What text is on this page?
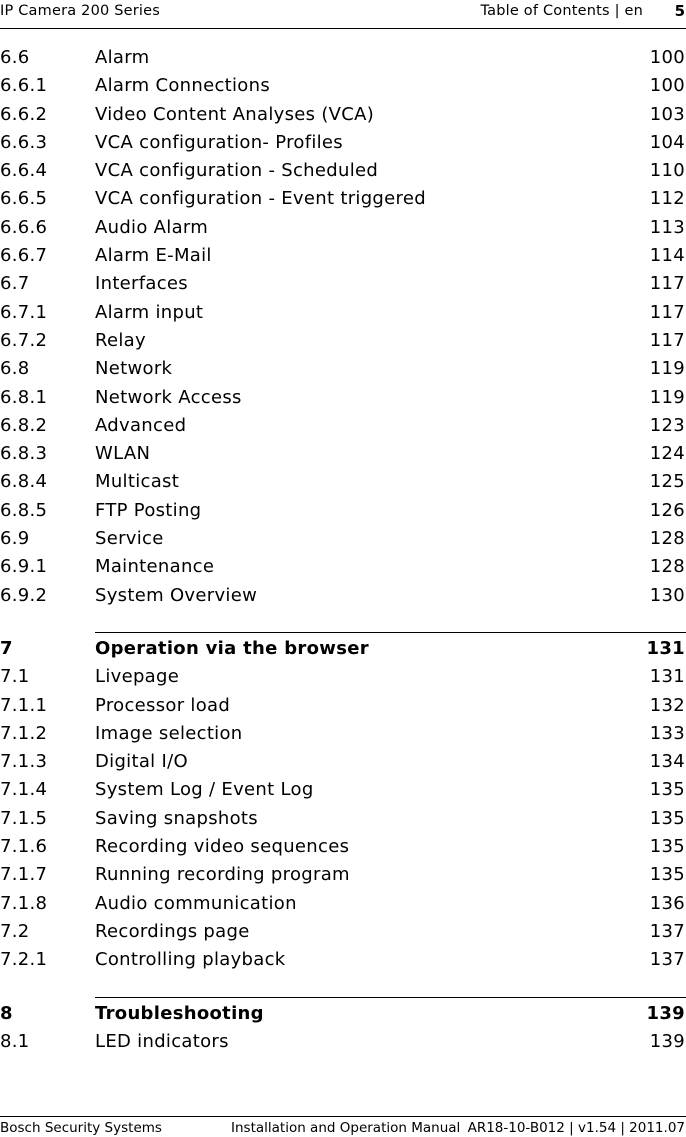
IP Camera 200 Series	Table of Contents | en 5
6.6	Alarm	100
6.6.1	Alarm Connections	100
6.6.2	Video Content Analyses (VCA)	103
6.6.3	VCA configuration- Profiles	104
6.6.4	VCA configuration - Scheduled	110
6.6.5	VCA configuration - Event triggered	112
6.6.6	Audio Alarm	113
6.6.7	Alarm E-Mail	114
6.7	Interfaces	117
6.7.1	Alarm input	117
6.7.2	Relay	117
6.8	Network	119
6.8.1	Network Access	119
6.8.2	Advanced	123
6.8.3	WLAN	124
6.8.4	Multicast	125
6.8.5	FTP Posting	126
6.9	Service	128
6.9.1	Maintenance	128
6.9.2	System Overview	130
7	Operation via the browser	131
7.1	Livepage	131
7.1.1	Processor load	132
7.1.2	Image selection	133
7.1.3	Digital I/O	134
7.1.4	System Log / Event Log	135
7.1.5	Saving snapshots	135
7.1.6	Recording video sequences	135
7.1.7	Running recording program	135
7.1.8	Audio communication	136
7.2	Recordings page	137
7.2.1	Controlling playback	137
8	Troubleshooting	139
8.1	LED indicators	139
Bosch Security Systems	Installation and Operation Manual AR18-10-B012 | v1.54 | 2011.07
